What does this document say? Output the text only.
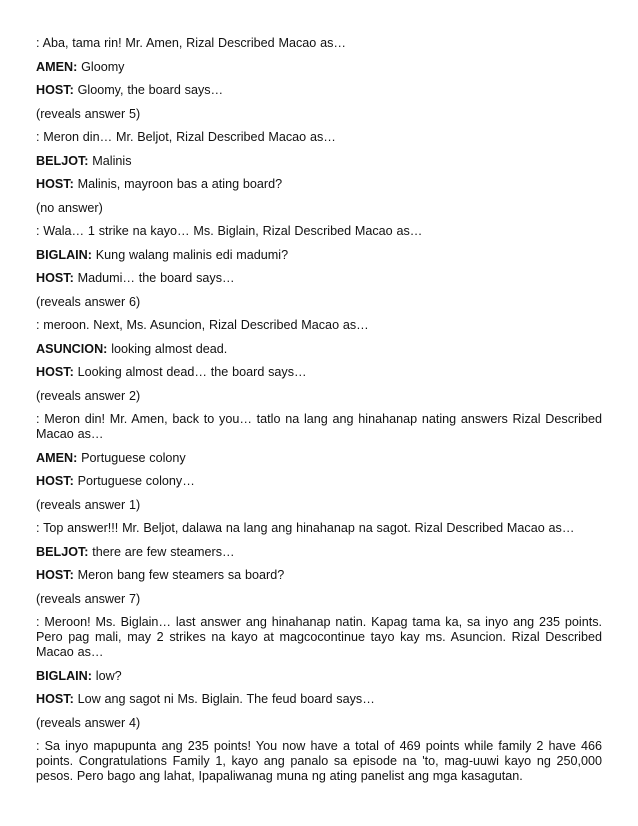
: Aba, tama rin! Mr. Amen, Rizal Described Macao as…

AMEN: Gloomy

HOST: Gloomy, the board says…

(reveals answer 5)

: Meron din… Mr. Beljot, Rizal Described Macao as…

BELJOT: Malinis

HOST: Malinis, mayroon bas a ating board?

(no answer)

: Wala… 1 strike na kayo… Ms. Biglain, Rizal Described Macao as…

BIGLAIN: Kung walang malinis edi madumi?

HOST: Madumi… the board says…

(reveals answer 6)

: meroon. Next, Ms. Asuncion, Rizal Described Macao as…

ASUNCION: looking almost dead.

HOST: Looking almost dead… the board says…

(reveals answer 2)

: Meron din! Mr. Amen, back to you… tatlo na lang ang hinahanap nating answers Rizal Described Macao as…

AMEN: Portuguese colony

HOST: Portuguese colony…

(reveals answer 1)

: Top answer!!! Mr. Beljot, dalawa na lang ang hinahanap na sagot. Rizal Described Macao as…

BELJOT: there are few steamers…

HOST: Meron bang few steamers sa board?

(reveals answer 7)

: Meroon! Ms. Biglain… last answer ang hinahanap natin. Kapag tama ka, sa inyo ang 235 points. Pero pag mali, may 2 strikes na kayo at magcocontinue tayo kay ms. Asuncion. Rizal Described Macao as…

BIGLAIN: low?

HOST: Low ang sagot ni Ms. Biglain. The feud board says…

(reveals answer 4)

: Sa inyo mapupunta ang 235 points! You now have a total of 469 points while family 2 have 466 points. Congratulations Family 1, kayo ang panalo sa episode na 'to, mag-uuwi kayo ng 250,000 pesos. Pero bago ang lahat, Ipapaliwanag muna ng ating panelist ang mga kasagutan.
